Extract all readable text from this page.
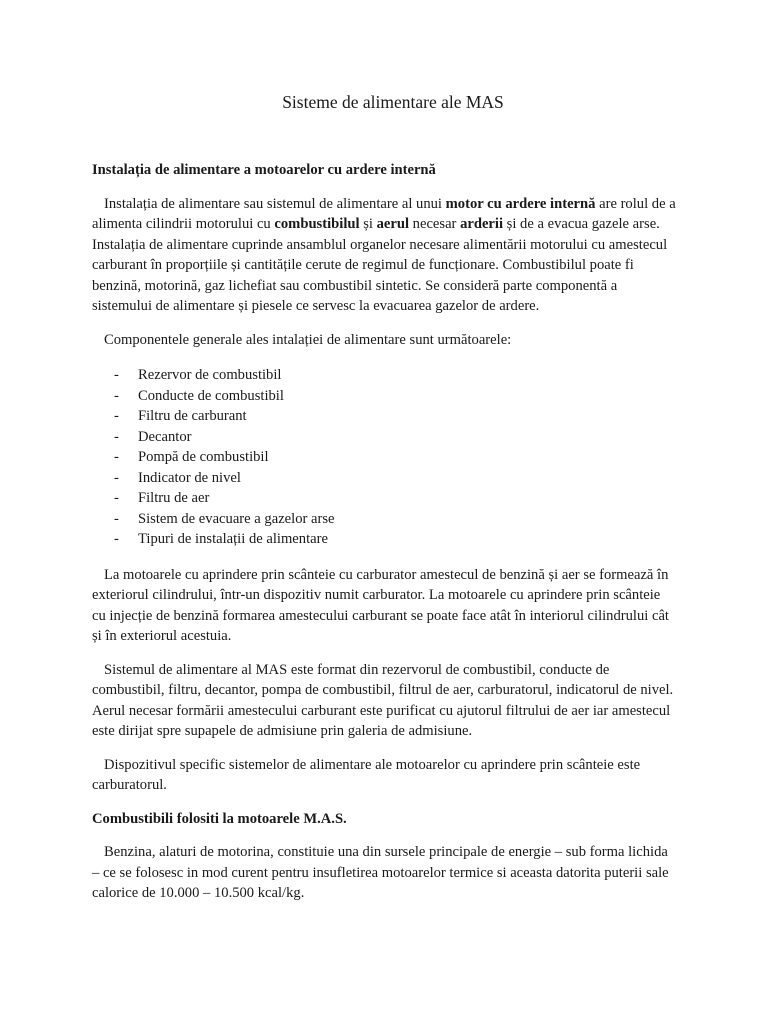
Sisteme de alimentare ale MAS

Instalația de alimentare a motoarelor cu ardere internă

Instalația de alimentare sau sistemul de alimentare al unui motor cu ardere internă are rolul de a alimenta cilindrii motorului cu combustibilul și aerul necesar arderii și de a evacua gazele arse. Instalația de alimentare cuprinde ansamblul organelor necesare alimentării motorului cu amestecul carburant în proporțiile și cantitățile cerute de regimul de funcționare. Combustibilul poate fi benzină, motorină, gaz lichefiat sau combustibil sintetic. Se consideră parte componentă a sistemului de alimentare și piesele ce servesc la evacuarea gazelor de ardere.

Componentele generale ales intalației de alimentare sunt următoarele:

- Rezervor de combustibil
- Conducte de combustibil
- Filtru de carburant
- Decantor
- Pompă de combustibil
- Indicator de nivel
- Filtru de aer
- Sistem de evacuare a gazelor arse
- Tipuri de instalații de alimentare

La motoarele cu aprindere prin scânteie cu carburator amestecul de benzină și aer se formează în exteriorul cilindrului, într-un dispozitiv numit carburator. La motoarele cu aprindere prin scânteie cu injecție de benzină formarea amestecului carburant se poate face atât în interiorul cilindrului cât și în exteriorul acestuia.

Sistemul de alimentare al MAS este format din rezervorul de combustibil, conducte de combustibil, filtru, decantor, pompa de combustibil, filtrul de aer, carburatorul, indicatorul de nivel. Aerul necesar formării amestecului carburant este purificat cu ajutorul filtrului de aer iar amestecul este dirijat spre supapele de admisiune prin galeria de admisiune.

Dispozitivul specific sistemelor de alimentare ale motoarelor cu aprindere prin scânteie este carburatorul.

Combustibili folositi la motoarele M.A.S.

Benzina, alaturi de motorina, constituie una din sursele principale de energie – sub forma lichida – ce se folosesc in mod curent pentru insufletirea motoarelor termice si aceasta datorita puterii sale calorice de 10.000 – 10.500 kcal/kg.
